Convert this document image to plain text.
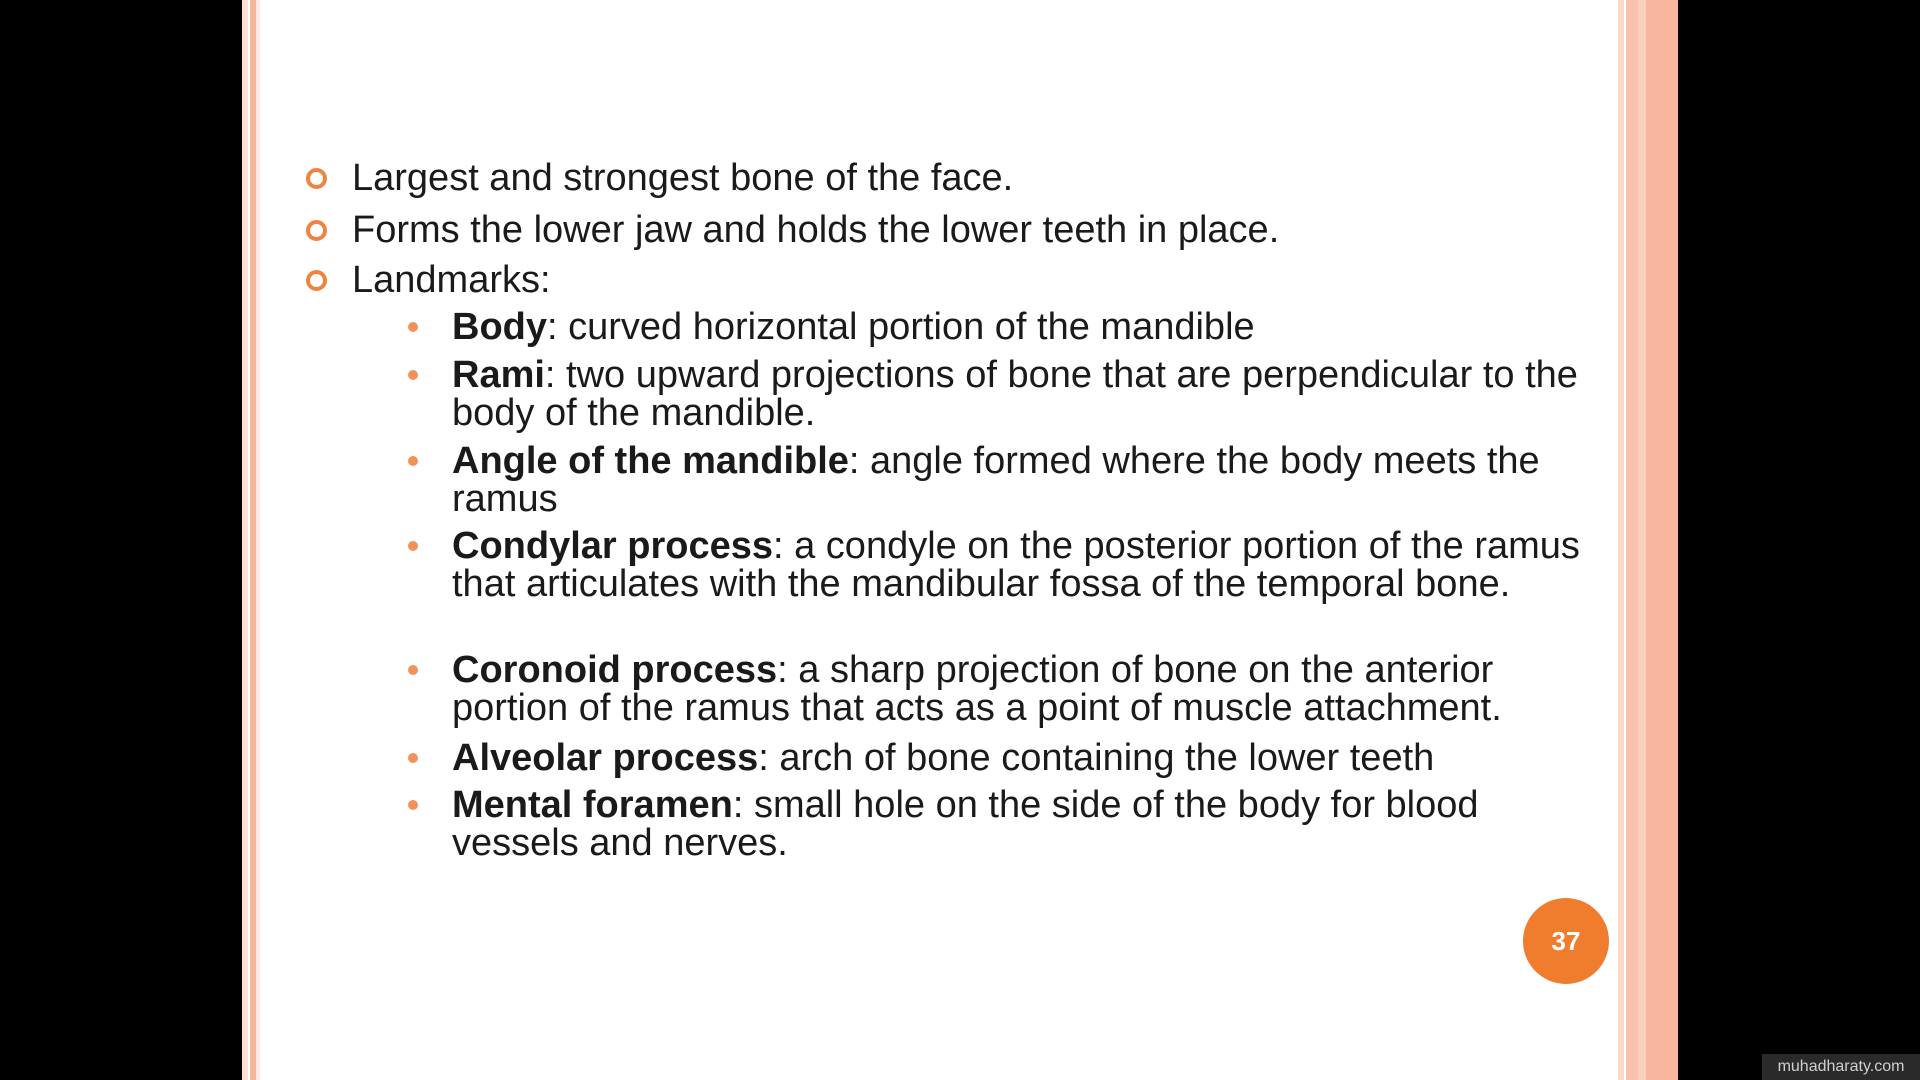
Largest and strongest bone of the face.
Forms the lower jaw and holds the lower teeth in place.
Landmarks:
Body: curved horizontal portion of the mandible
Rami: two upward projections of bone that are perpendicular to the body of the mandible.
Angle of the mandible: angle formed where the body meets the ramus
Condylar process: a condyle on the posterior portion of the ramus that articulates with the mandibular fossa of the temporal bone.
Coronoid process: a sharp projection of bone on the anterior portion of the ramus that acts as a point of muscle attachment.
Alveolar process: arch of bone containing the lower teeth
Mental foramen: small hole on the side of the body for blood vessels and nerves.
37
muhadharaty.com
